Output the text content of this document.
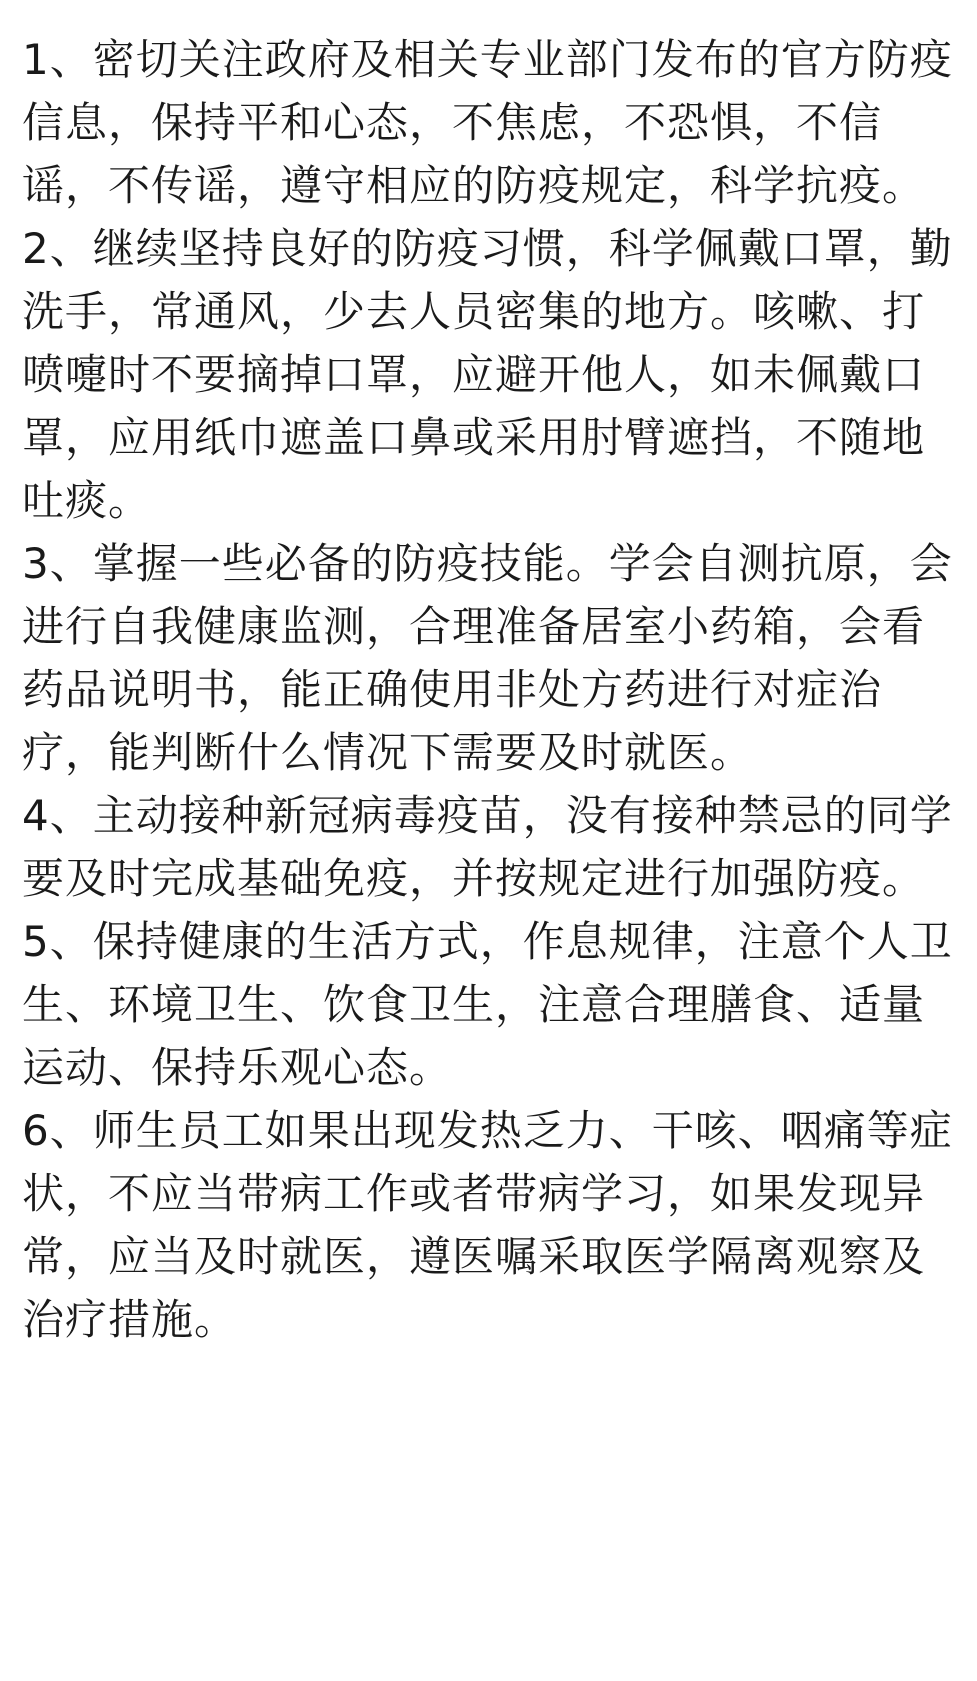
1、密切关注政府及相关专业部门发布的官方防疫信息，保持平和心态，不焦虑，不恐惧，不信谣，不传谣，遵守相应的防疫规定，科学抗疫。

2、继续坚持良好的防疫习惯，科学佩戴口罩，勤洗手，常通风，少去人员密集的地方。咳嗽、打喷嚏时不要摘掉口罩，应避开他人，如未佩戴口罩，应用纸巾遮盖口鼻或采用肘臂遮挡，不随地吐痰。

3、掌握一些必备的防疫技能。学会自测抗原，会进行自我健康监测，合理准备居室小药箱，会看药品说明书，能正确使用非处方药进行对症治疗，能判断什么情况下需要及时就医。

4、主动接种新冠病毒疫苗，没有接种禁忌的同学要及时完成基础免疫，并按规定进行加强防疫。

5、保持健康的生活方式，作息规律，注意个人卫生、环境卫生、饮食卫生，注意合理膳食、适量运动、保持乐观心态。

6、师生员工如果出现发热乏力、干咳、咽痛等症状，不应当带病工作或者带病学习，如果发现异常，应当及时就医，遵医嘱采取医学隔离观察及治疗措施。
